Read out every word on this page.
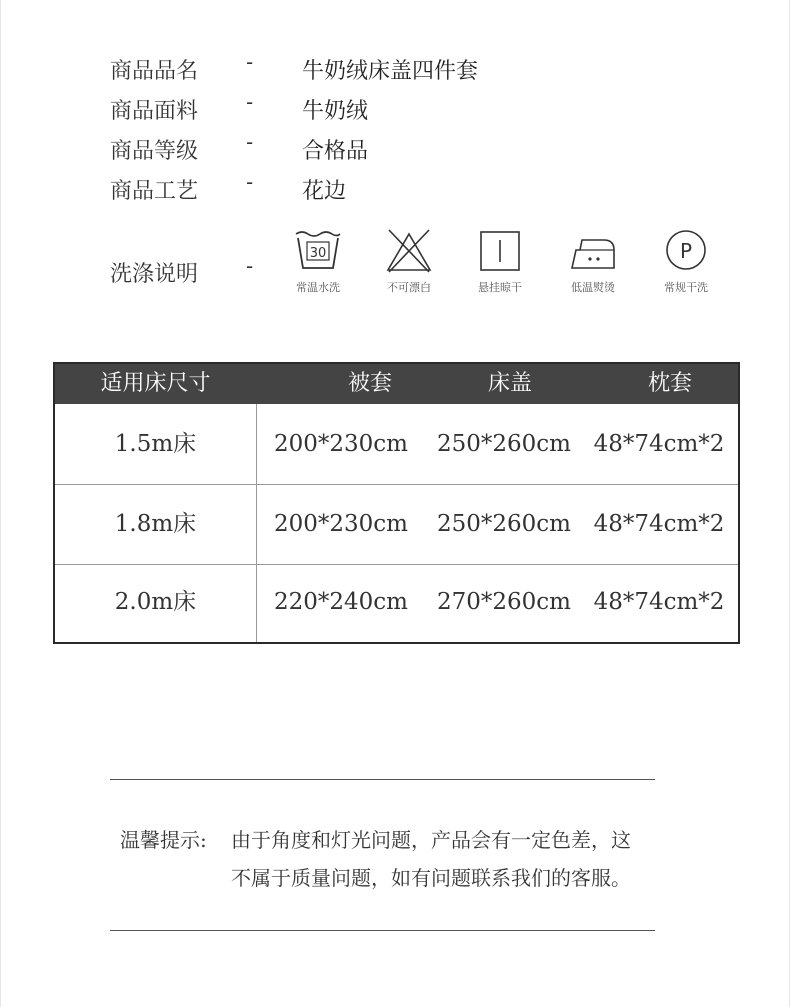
商品品名 - 牛奶绒床盖四件套
商品面料 - 牛奶绒
商品等级 - 合格品
商品工艺 - 花边
洗涤说明 -
30
常温水洗	不可漂白	悬挂晾干	低温熨烫
P
常规干洗
适用床尺寸	被套	床盖	枕套
1.5m床	200*230cm	250*260cm 48*74cm*2
1.8m床	200*230cm	250*260cm 48*74cm*2
2.0m床	220*240cm	270*260cm 48*74cm*2
温馨提示: 由于角度和灯光问题，产品会有一定色差，这
不属于质量问题，如有问题联系我们的客服。
